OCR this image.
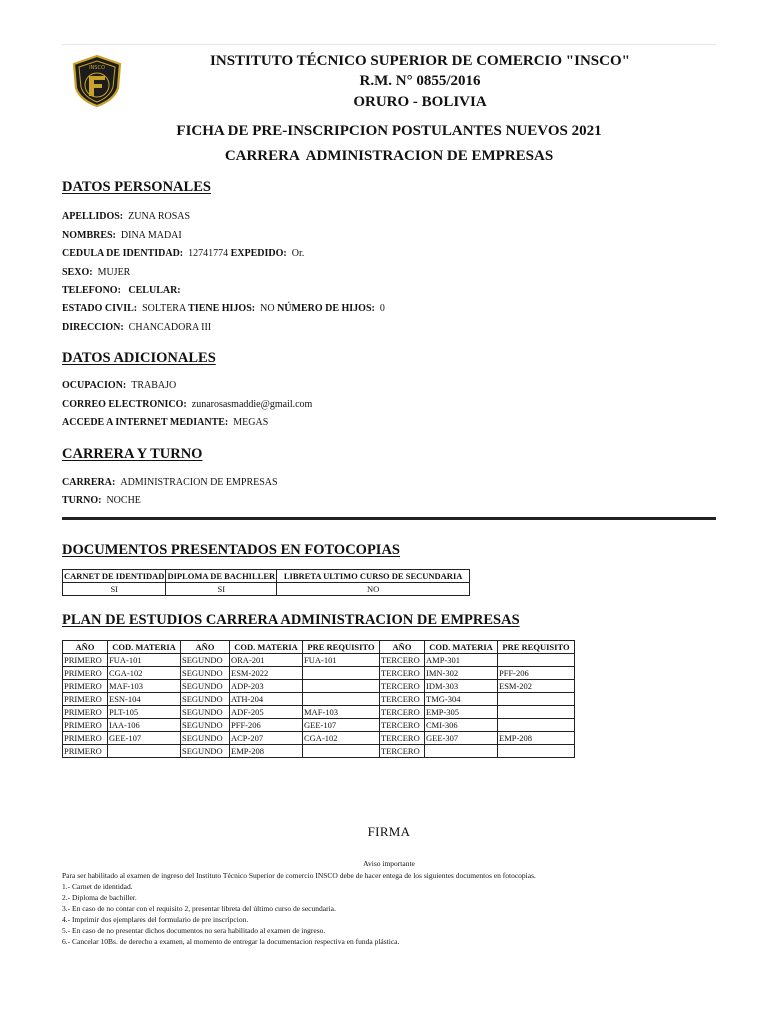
INSCO	INSTITUTO TÉCNICO SUPERIOR DE COMERCIO "INSCO"
R.M. N° 0855/2016
ORURO - BOLIVIA
FICHA DE PRE-INSCRIPCION POSTULANTES NUEVOS 2021
CARRERA  ADMINISTRACION DE EMPRESAS
DATOS PERSONALES
APELLIDOS: ZUNA ROSAS
NOMBRES: DINA MADAI
CEDULA DE IDENTIDAD: 12741774 EXPEDIDO: Or.
SEXO: MUJER
TELEFONO: CELULAR:
ESTADO CIVIL: SOLTERA TIENE HIJOS: NO NÚMERO DE HIJOS: 0
DIRECCION: CHANCADORA III
DATOS ADICIONALES
OCUPACION: TRABAJO
CORREO ELECTRONICO: zunarosasmaddie@gmail.com
ACCEDE A INTERNET MEDIANTE: MEGAS
CARRERA Y TURNO
CARRERA: ADMINISTRACION DE EMPRESAS
TURNO: NOCHE
DOCUMENTOS PRESENTADOS EN FOTOCOPIAS
CARNET DE IDENTIDAD	DIPLOMA DE BACHILLER	LIBRETA ULTIMO CURSO DE SECUNDARIA
SI	SI	NO
PLAN DE ESTUDIOS CARRERA ADMINISTRACION DE EMPRESAS
AÑO	COD. MATERIA	AÑO	COD. MATERIA	PRE REQUISITO	AÑO	COD. MATERIA	PRE REQUISITO
PRIMERO	FUA-101	SEGUNDO	ORA-201	FUA-101	TERCERO	AMP-301	
PRIMERO	CGA-102	SEGUNDO	ESM-2022		TERCERO	IMN-302	PFF-206
PRIMERO	MAF-103	SEGUNDO	ADP-203		TERCERO	IDM-303	ESM-202
PRIMERO	ESN-104	SEGUNDO	ATH-204		TERCERO	TMG-304	
PRIMERO	PLT-105	SEGUNDO	ADF-205	MAF-103	TERCERO	EMP-305	
PRIMERO	IAA-106	SEGUNDO	PFF-206	GEE-107	TERCERO	CMI-306	
PRIMERO	GEE-107	SEGUNDO	ACP-207	CGA-102	TERCERO	GEE-307	EMP-208
PRIMERO		SEGUNDO	EMP-208		TERCERO		
FIRMA
Aviso importante
Para ser habilitado al examen de ingreso del Instituto Técnico Superior de comercio INSCO debe de hacer entega de los siguientes documentos en fotocopias.
1.- Carnet de identidad.
2.- Diploma de bachiller.
3.- En caso de no contar con el requisito 2, presentar libreta del último curso de secundaria.
4.- Imprimir dos ejemplares del formulario de pre inscripcion.
5.- En caso de no presentar dichos documentos no sera habilitado al examen de ingreso.
6.- Cancelar 10Bs. de derecho a examen, al momento de entregar la documentacion respectiva en funda plástica.
